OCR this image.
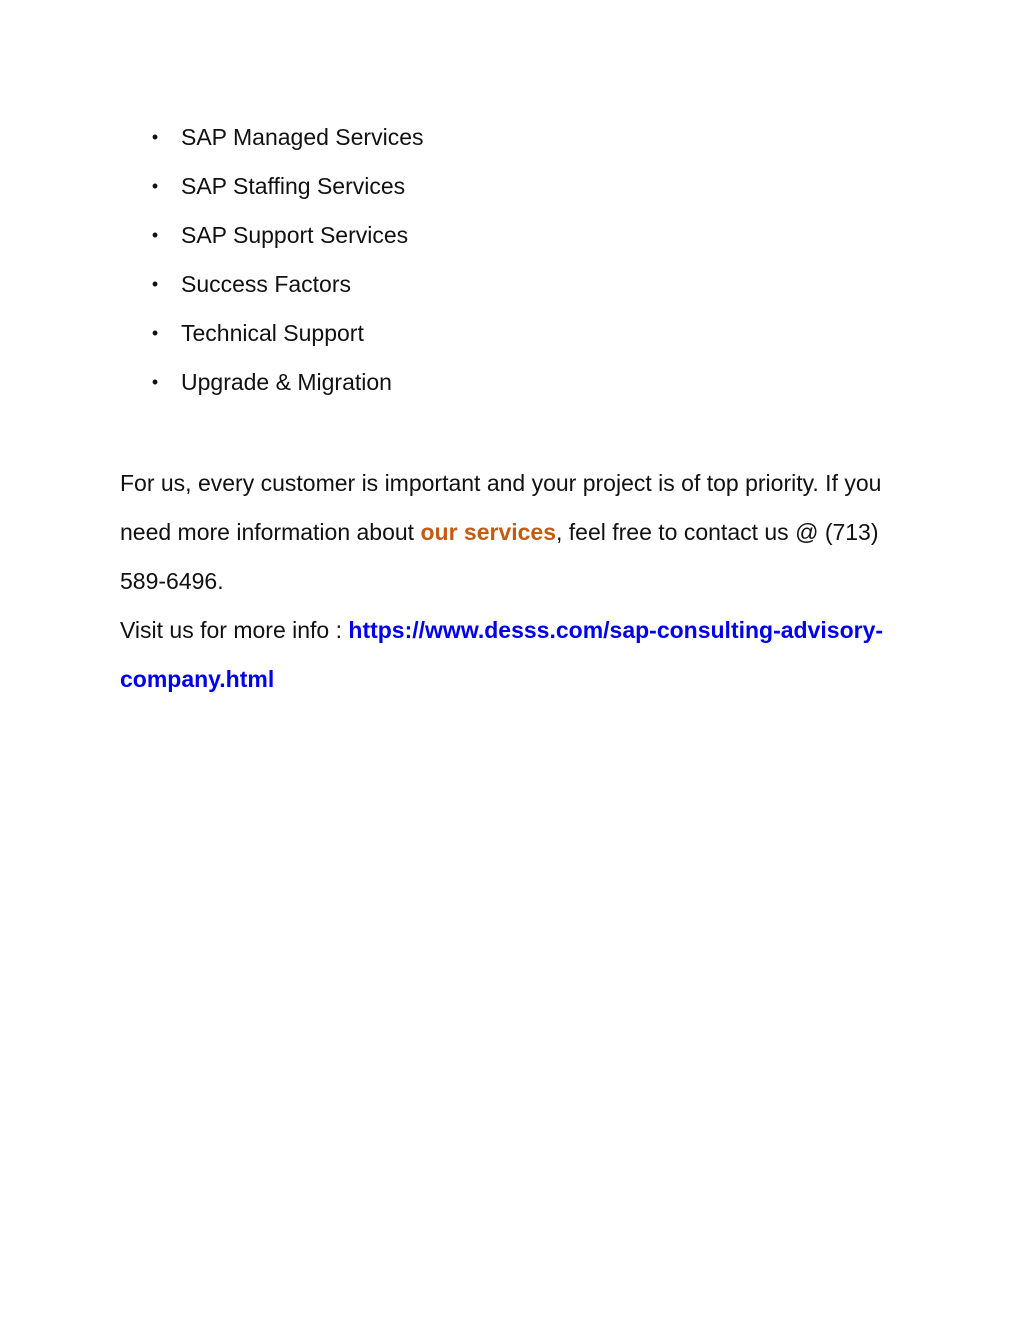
• SAP Managed Services
• SAP Staffing Services
• SAP Support Services
• Success Factors
• Technical Support
• Upgrade & Migration

For us, every customer is important and your project is of top priority. If you need more information about our services, feel free to contact us @ (713) 589-6496.

Visit us for more info : https://www.desss.com/sap-consulting-advisory-company.html
